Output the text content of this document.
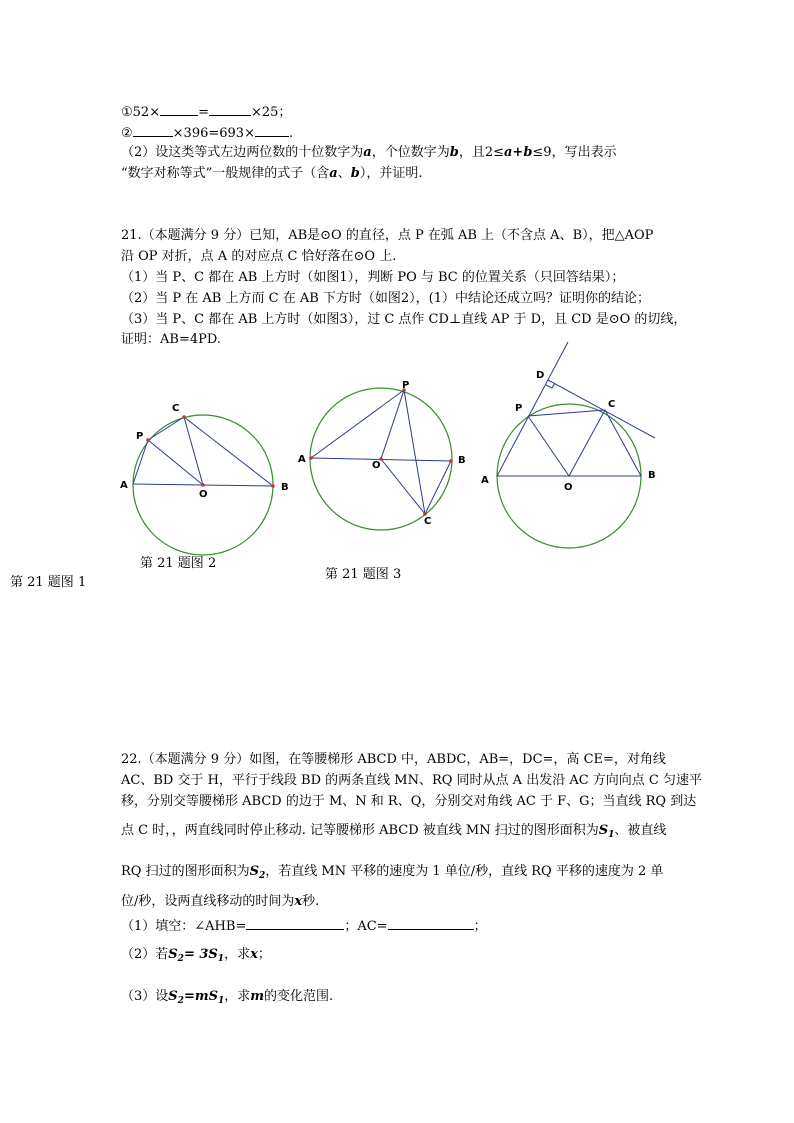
①52×	=	×25；
②	×396=693×	.
（2）设这类等式左边两位数的十位数字为a，个位数字为b，且2≤a+b≤9，写出表示
“数字对称等式”一般规律的式子（含a、b），并证明.
21.（本题满分 9 分）已知，AB是⊙O 的直径，点 P 在弧 AB 上（不含点 A、B），把△AOP
沿 OP 对折，点 A 的对应点 C 恰好落在⊙O 上.
（1）当 P、C 都在 AB 上方时（如图1），判断 PO 与 BC 的位置关系（只回答结果）；
（2）当 P 在 AB 上方而 C 在 AB 下方时（如图2），(1）中结论还成立吗？证明你的结论；
（3）当 P、C 都在 AB 上方时（如图3），过 C 点作 CD⊥直线 AP 于 D，且 CD 是⊙O 的切线，
证明：AB=4PD.
A
P
C
O
B
A
P
O	B
C
D
P	C
A
O
B
第 21 题图 2
第 21 题图 3
第 21 题图 1
22.（本题满分 9 分）如图，在等腰梯形 ABCD 中，ABDC，AB=，DC=，高 CE=，对角线
AC、BD 交于 H，平行于线段 BD 的两条直线 MN、RQ 同时从点 A 出发沿 AC 方向向点 C 匀速平
移，分别交等腰梯形 ABCD 的边于 M、N 和 R、Q，分别交对角线 AC 于 F、G；当直线 RQ 到达
点 C 时，，两直线同时停止移动. 记等腰梯形 ABCD 被直线 MN 扫过的图形面积为$S_1$、被直线
RQ 扫过的图形面积为$S_2$，若直线 MN 平移的速度为 1 单位/秒，直线 RQ 平移的速度为 2 单
位/秒，设两直线移动的时间为x秒.
（1）填空：∠AHB=	；AC=	；
（2）若$S_2= 3S_1$，求x；
（3）设$S_2=mS_1$，求m的变化范围.
